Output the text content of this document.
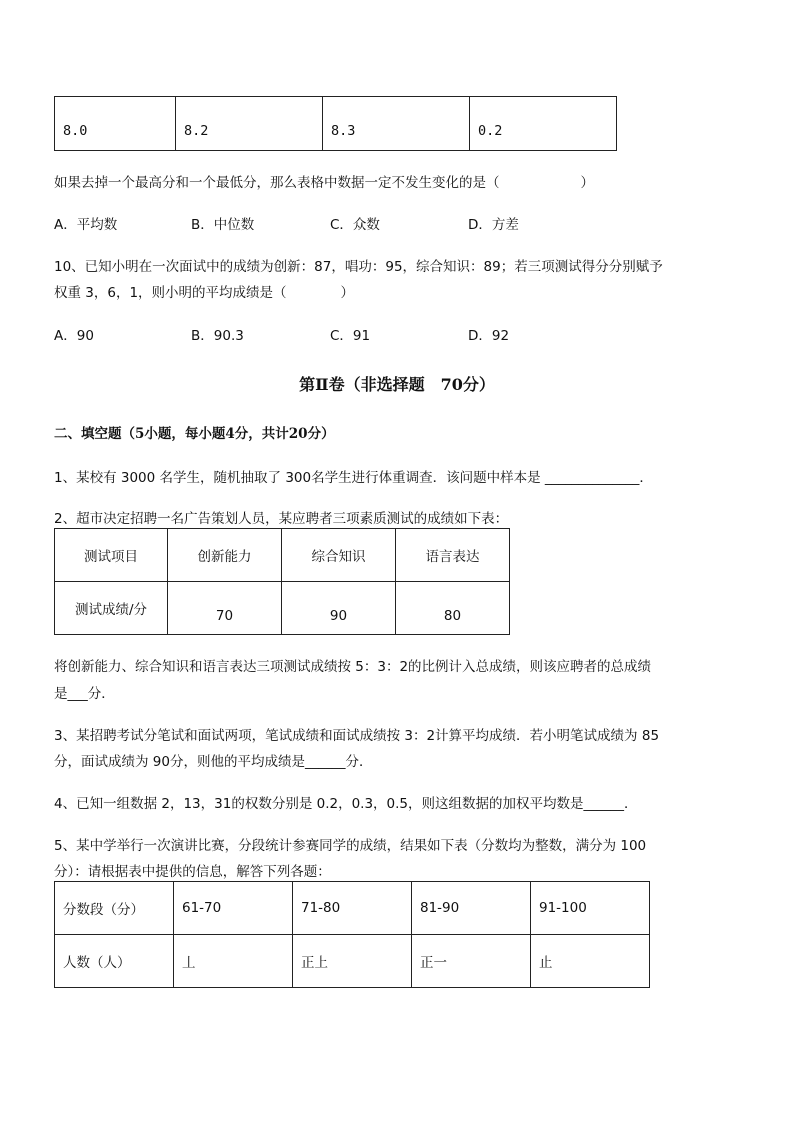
8.0	8.2	8.3	0.2
如果去掉一个最高分和一个最低分，那么表格中数据一定不发生变化的是（　　　　　　）
A．平均数	B．中位数	C．众数	D．方差
10、已知小明在一次面试中的成绩为创新：87，唱功：95，综合知识：89；若三项测试得分分别赋予
权重 3，6，1，则小明的平均成绩是（　　　　）
A．90	B．90.3	C．91	D．92
第Ⅱ卷（非选择题　70分）
二、填空题（5小题，每小题4分，共计20分）
1、某校有 3000 名学生，随机抽取了 300名学生进行体重调查．该问题中样本是 ______________．
2、超市决定招聘一名广告策划人员，某应聘者三项素质测试的成绩如下表：
测试项目	创新能力	综合知识	语言表达
测试成绩/分	70	90	80
将创新能力、综合知识和语言表达三项测试成绩按 5：3：2的比例计入总成绩，则该应聘者的总成绩
是___分．
3、某招聘考试分笔试和面试两项，笔试成绩和面试成绩按 3：2计算平均成绩．若小明笔试成绩为 85
分，面试成绩为 90分，则他的平均成绩是______分．
4、已知一组数据 2，13，31的权数分别是 0.2，0.3，0.5，则这组数据的加权平均数是______．
5、某中学举行一次演讲比赛，分段统计参赛同学的成绩，结果如下表（分数均为整数，满分为 100
分）：请根据表中提供的信息，解答下列各题：
分数段（分）	61-70	71-80	81-90	91-100
人数（人）	丄	正上	正一	止
